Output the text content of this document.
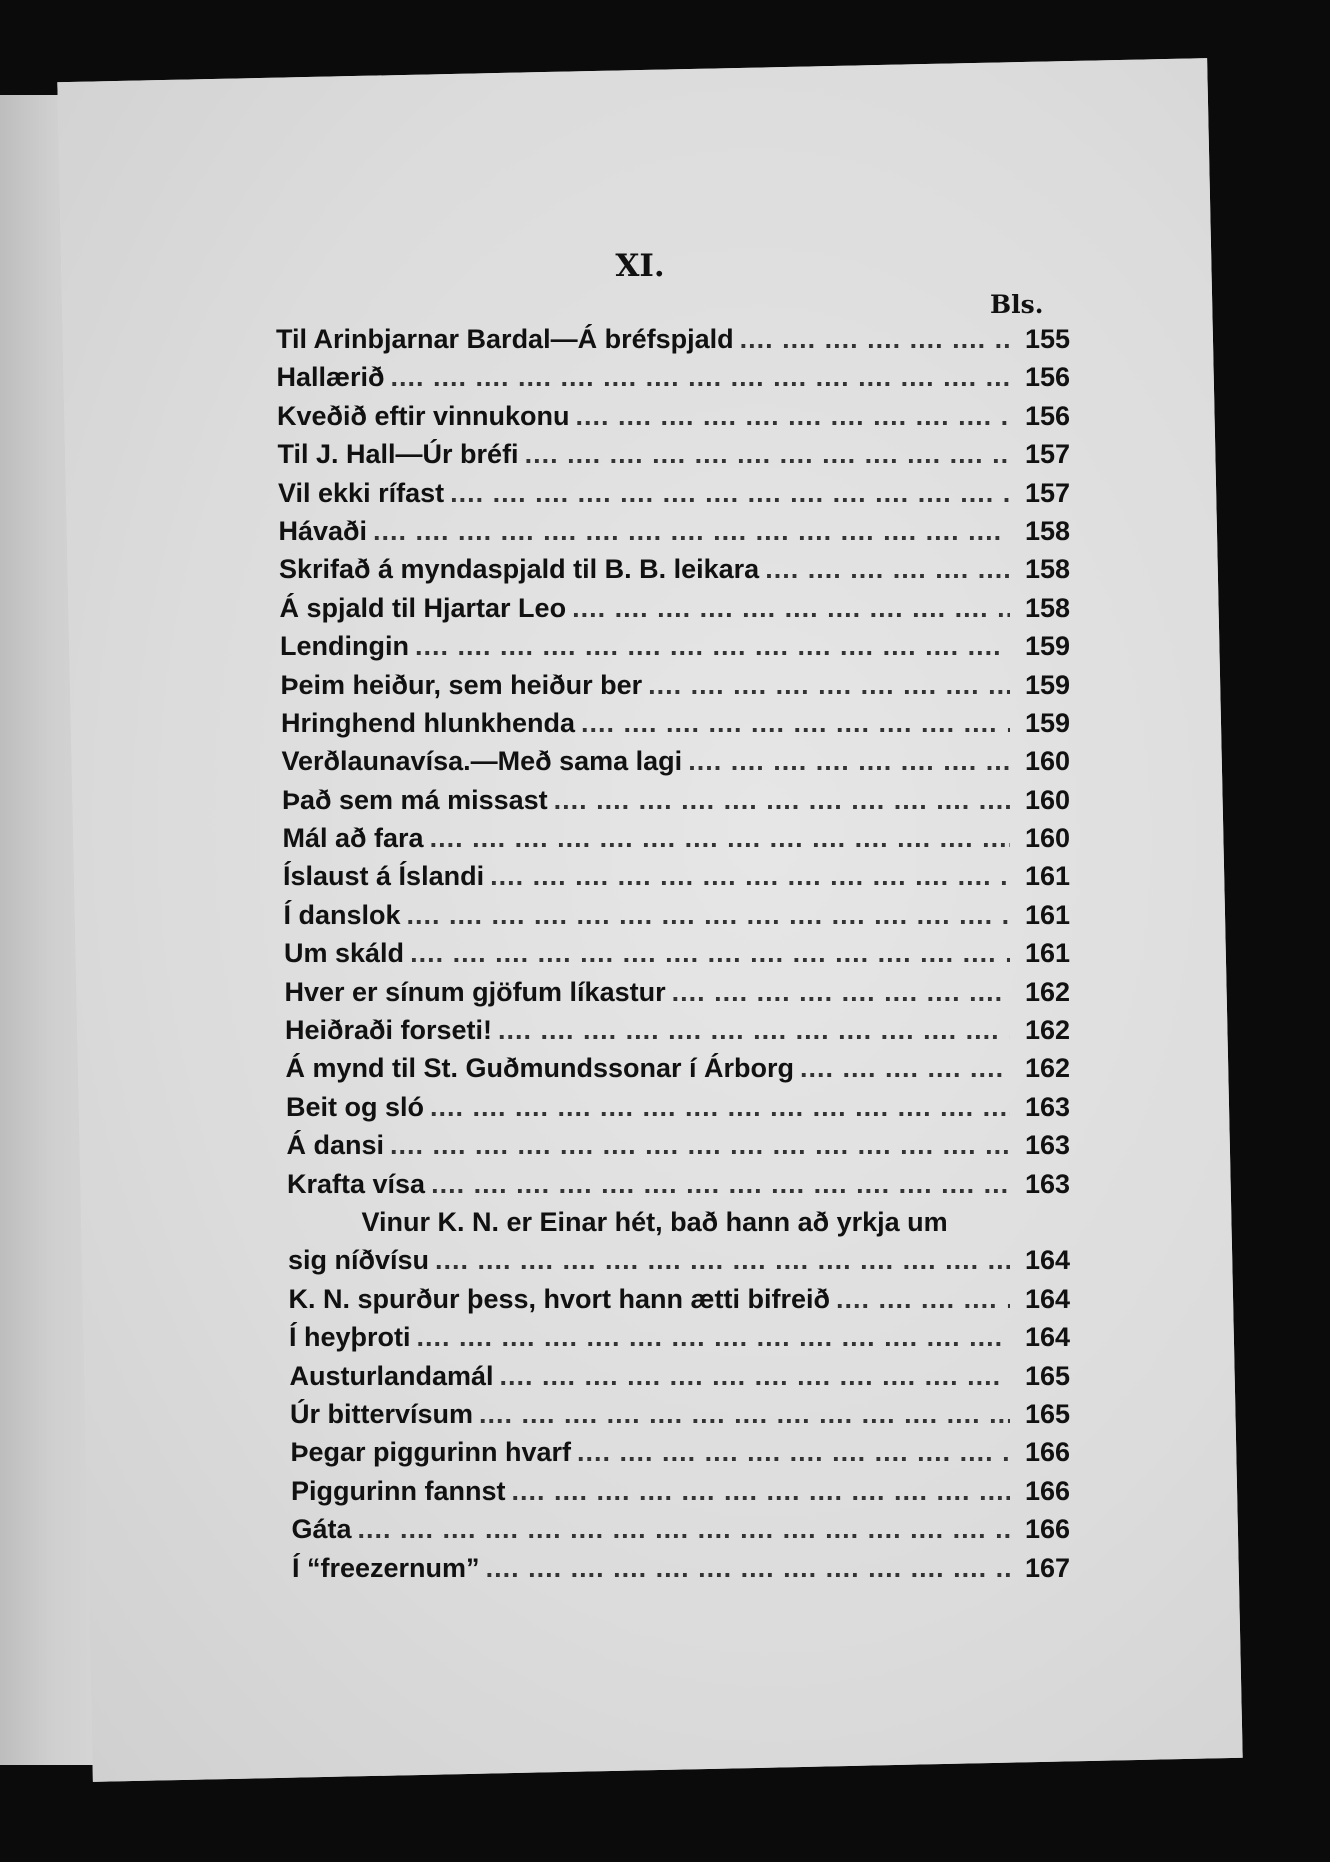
XI.
Bls.
Til Arinbjarnar Bardal—Á bréfspjald ....	155
Hallærið ....	156
Kveðið eftir vinnukonu ....	156
Til J. Hall—Úr bréfi ....	157
Vil ekki rífast ....	157
Hávaði ....	158
Skrifað á myndaspjald til B. B. leikara ....	158
Á spjald til Hjartar Leo ....	158
Lendingin ....	159
Þeim heiður, sem heiður ber ....	159
Hringhend hlunkhenda ....	159
Verðlaunavísa.—Með sama lagi ....	160
Það sem má missast ....	160
Mál að fara ....	160
Íslaust á Íslandi ....	161
Í danslok ....	161
Um skáld ....	161
Hver er sínum gjöfum líkastur ....	162
Heiðraði forseti! ....	162
Á mynd til St. Guðmundssonar í Árborg ....	162
Beit og sló ....	163
Á dansi ....	163
Krafta vísa ....	163
Vinur K. N. er Einar hét, bað hann að yrkja um
sig níðvísu ....	164
K. N. spurður þess, hvort hann ætti bifreið ....	164
Í heyþroti ....	164
Austurlandamál ....	165
Úr bittervísum ....	165
Þegar piggurinn hvarf ....	166
Piggurinn fannst ....	166
Gáta ....	166
Í “freezernum” ....	167
